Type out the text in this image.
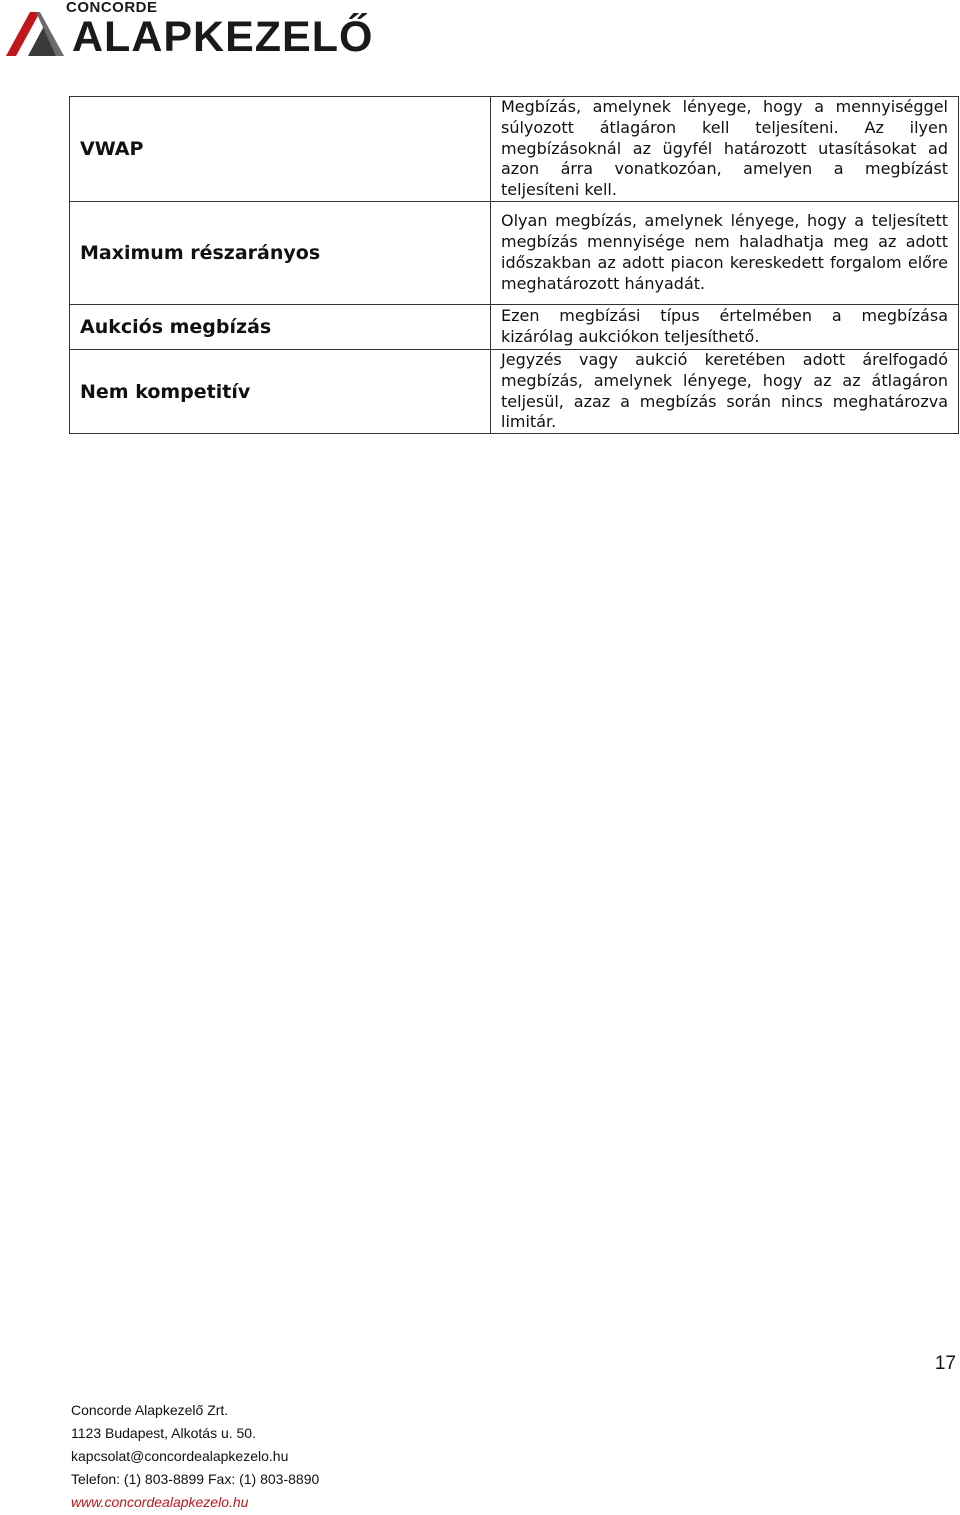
CONCORDE
ALAPKEZELŐ
VWAP	Megbízás, amelynek lényege, hogy a mennyiséggel súlyozott átlagáron kell teljesíteni. Az ilyen megbízásoknál az ügyfél határozott utasításokat ad azon árra vonatkozóan, amelyen a megbízást teljesíteni kell.
Maximum részarányos	Olyan megbízás, amelynek lényege, hogy a teljesített megbízás mennyisége nem haladhatja meg az adott időszakban az adott piacon kereskedett forgalom előre meghatározott hányadát.
Aukciós megbízás	Ezen megbízási típus értelmében a megbízása kizárólag aukciókon teljesíthető.
Nem kompetitív	Jegyzés vagy aukció keretében adott árelfogadó megbízás, amelynek lényege, hogy az az átlagáron teljesül, azaz a megbízás során nincs meghatározva limitár.
17
Concorde Alapkezelő Zrt.
1123 Budapest, Alkotás u. 50.
kapcsolat@concordealapkezelo.hu
Telefon: (1) 803-8899 Fax: (1) 803-8890
www.concordealapkezelo.hu
